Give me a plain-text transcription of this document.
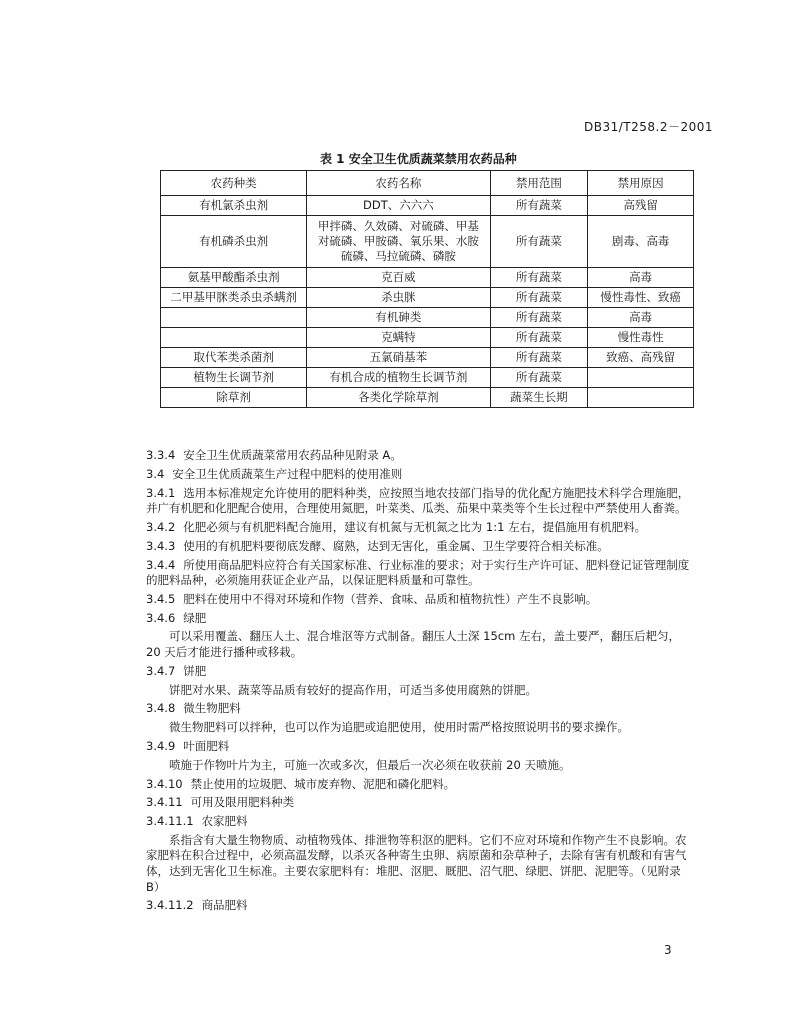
DB31/T258.2－2001
表 1 安全卫生优质蔬菜禁用农药品种
农药种类	农药名称	禁用范围	禁用原因
有机氯杀虫剂	DDT、六六六	所有蔬菜	高残留
有机磷杀虫剂	甲拌磷、久效磷、对硫磷、甲基对硫磷、甲胺磷、氧乐果、水胺硫磷、马拉硫磷、磷胺	所有蔬菜	剧毒、高毒
氨基甲酸酯杀虫剂	克百威	所有蔬菜	高毒
二甲基甲脒类杀虫杀螨剂	杀虫脒	所有蔬菜	慢性毒性、致癌
	有机砷类	所有蔬菜	高毒
	克螨特	所有蔬菜	慢性毒性
取代苯类杀菌剂	五氯硝基苯	所有蔬菜	致癌、高残留
植物生长调节剂	有机合成的植物生长调节剂	所有蔬菜	
除草剂	各类化学除草剂	蔬菜生长期	

3.3.4 安全卫生优质蔬菜常用农药品种见附录 A。

3.4 安全卫生优质蔬菜生产过程中肥料的使用准则

3.4.1 选用本标准规定允许使用的肥料种类，应按照当地农技部门指导的优化配方施肥技术科学合理施肥，并广有机肥和化肥配合使用，合理使用氮肥，叶菜类、瓜类、茄果中菜类等个生长过程中严禁使用人畜粪。

3.4.2 化肥必须与有机肥料配合施用，建议有机氮与无机氮之比为 1:1 左右，提倡施用有机肥料。

3.4.3 使用的有机肥料要彻底发酵、腐熟，达到无害化，重金属、卫生学要符合相关标准。

3.4.4 所使用商品肥料应符合有关国家标准、行业标准的要求；对于实行生产许可证、肥料登记证管理制度的肥料品种，必须施用获证企业产品，以保证肥料质量和可靠性。

3.4.5 肥料在使用中不得对环境和作物（营养、食味、品质和植物抗性）产生不良影响。

3.4.6 绿肥

可以采用覆盖、翻压人土、混合堆沤等方式制备。翻压人土深 15cm 左右，盖土要严，翻压后耙匀，20 天后才能进行播种或移栽。

3.4.7 饼肥

饼肥对水果、蔬菜等品质有较好的提高作用，可适当多使用腐熟的饼肥。

3.4.8 微生物肥料

微生物肥料可以拌种，也可以作为追肥或追肥使用，使用时需严格按照说明书的要求操作。

3.4.9 叶面肥料

喷施于作物叶片为主，可施一次或多次，但最后一次必须在收获前 20 天喷施。

3.4.10 禁止使用的垃圾肥、城市废弃物、泥肥和磷化肥料。

3.4.11 可用及限用肥料种类

3.4.11.1 农家肥料

系指含有大量生物物质、动植物残体、排泄物等积沤的肥料。它们不应对环境和作物产生不良影响。农家肥料在积合过程中，必须高温发酵，以杀灭各种寄生虫卵、病原菌和杂草种子，去除有害有机酸和有害气体，达到无害化卫生标准。主要农家肥料有：堆肥、沤肥、厩肥、沼气肥、绿肥、饼肥、泥肥等。（见附录 B）

3.4.11.2 商品肥料

3
